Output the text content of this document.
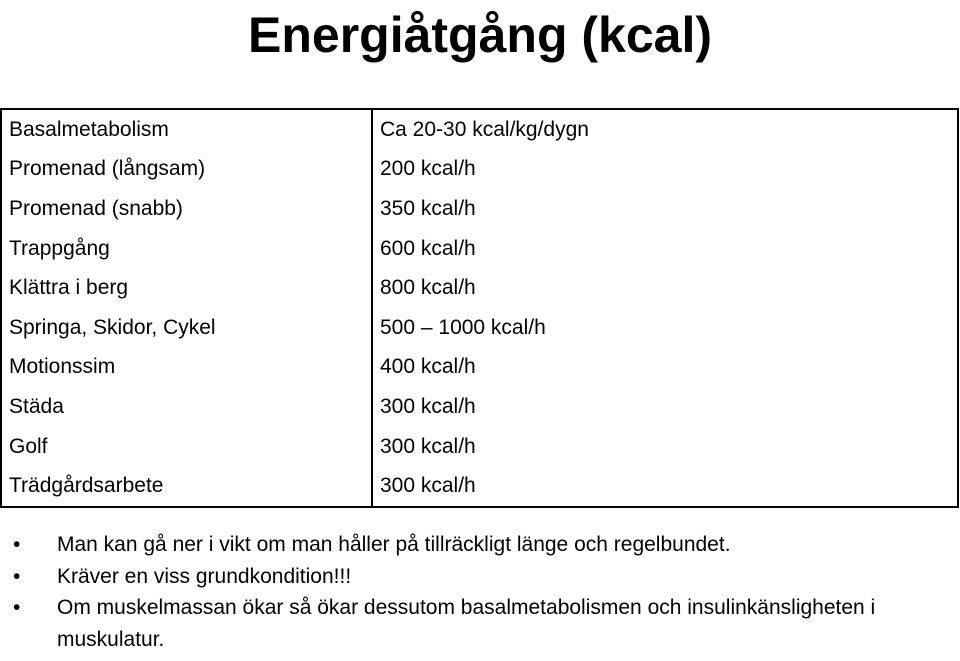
Energiåtgång (kcal)
Basalmetabolism	Ca 20-30 kcal/kg/dygn
Promenad (långsam)	200 kcal/h
Promenad (snabb)	350 kcal/h
Trappgång	600 kcal/h
Klättra i berg	800 kcal/h
Springa, Skidor, Cykel	500 – 1000 kcal/h
Motionssim	400 kcal/h
Städa	300 kcal/h
Golf	300 kcal/h
Trädgårdsarbete	300 kcal/h
• Man kan gå ner i vikt om man håller på tillräckligt länge och regelbundet.
• Kräver en viss grundkondition!!!
• Om muskelmassan ökar så ökar dessutom basalmetabolismen och insulinkänsligheten i muskulatur.
